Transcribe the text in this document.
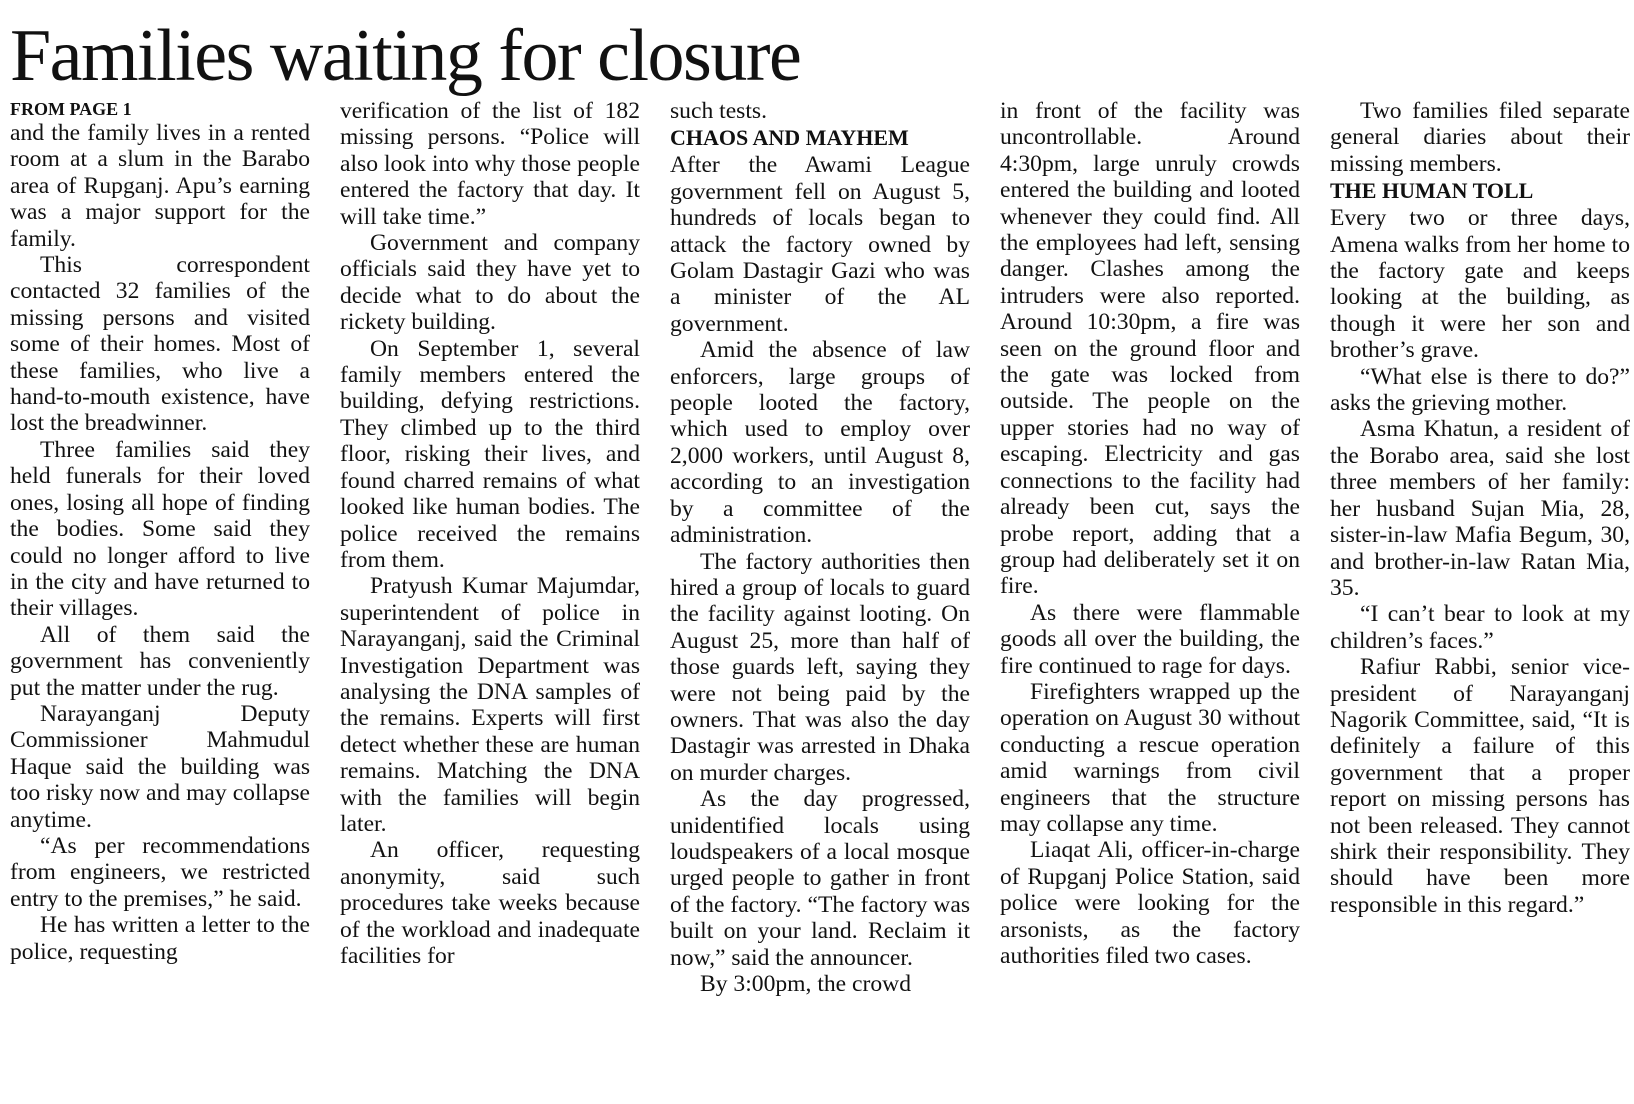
Families waiting for closure
FROM PAGE 1

and the family lives in a rented room at a slum in the Barabo area of Rupganj. Apu’s earning was a major support for the family.

This correspondent contacted 32 families of the missing persons and visited some of their homes. Most of these families, who live a hand-to-mouth existence, have lost the breadwinner.

Three families said they held funerals for their loved ones, losing all hope of finding the bodies. Some said they could no longer afford to live in the city and have returned to their villages.

All of them said the government has conveniently put the matter under the rug.

Narayanganj Deputy Commissioner Mahmudul Haque said the building was too risky now and may collapse anytime.

“As per recommendations from engineers, we restricted entry to the premises,” he said.

He has written a letter to the police, requesting

verification of the list of 182 missing persons. “Police will also look into why those people entered the factory that day. It will take time.”

Government and company officials said they have yet to decide what to do about the rickety building.

On September 1, several family members entered the building, defying restrictions. They climbed up to the third floor, risking their lives, and found charred remains of what looked like human bodies. The police received the remains from them.

Pratyush Kumar Majumdar, superintendent of police in Narayanganj, said the Criminal Investigation Department was analysing the DNA samples of the remains. Experts will first detect whether these are human remains. Matching the DNA with the families will begin later.

An officer, requesting anonymity, said such procedures take weeks because of the workload and inadequate facilities for

such tests.

CHAOS AND MAYHEM

After the Awami League government fell on August 5, hundreds of locals began to attack the factory owned by Golam Dastagir Gazi who was a minister of the AL government.

Amid the absence of law enforcers, large groups of people looted the factory, which used to employ over 2,000 workers, until August 8, according to an investigation by a committee of the administration.

The factory authorities then hired a group of locals to guard the facility against looting. On August 25, more than half of those guards left, saying they were not being paid by the owners. That was also the day Dastagir was arrested in Dhaka on murder charges.

As the day progressed, unidentified locals using loudspeakers of a local mosque urged people to gather in front of the factory. “The factory was built on your land. Reclaim it now,” said the announcer.

By 3:00pm, the crowd

in front of the facility was uncontrollable. Around 4:30pm, large unruly crowds entered the building and looted whenever they could find. All the employees had left, sensing danger. Clashes among the intruders were also reported. Around 10:30pm, a fire was seen on the ground floor and the gate was locked from outside. The people on the upper stories had no way of escaping. Electricity and gas connections to the facility had already been cut, says the probe report, adding that a group had deliberately set it on fire.

As there were flammable goods all over the building, the fire continued to rage for days.

Firefighters wrapped up the operation on August 30 without conducting a rescue operation amid warnings from civil engineers that the structure may collapse any time.

Liaqat Ali, officer-in-charge of Rupganj Police Station, said police were looking for the arsonists, as the factory authorities filed two cases.

Two families filed separate general diaries about their missing members.

THE HUMAN TOLL

Every two or three days, Amena walks from her home to the factory gate and keeps looking at the building, as though it were her son and brother’s grave.

“What else is there to do?” asks the grieving mother.

Asma Khatun, a resident of the Borabo area, said she lost three members of her family: her husband Sujan Mia, 28, sister-in-law Mafia Begum, 30, and brother-in-law Ratan Mia, 35.

“I can’t bear to look at my children’s faces.”

Rafiur Rabbi, senior vice-president of Narayanganj Nagorik Committee, said, “It is definitely a failure of this government that a proper report on missing persons has not been released. They cannot shirk their responsibility. They should have been more responsible in this regard.”
